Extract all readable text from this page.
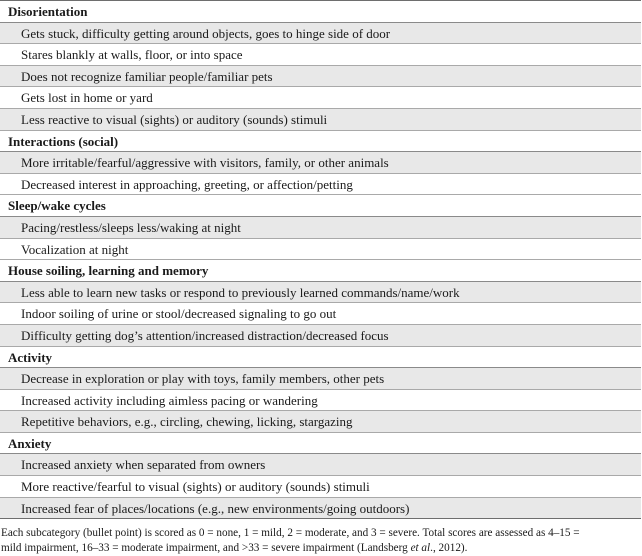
Disorientation
Gets stuck, difficulty getting around objects, goes to hinge side of door
Stares blankly at walls, floor, or into space
Does not recognize familiar people/familiar pets
Gets lost in home or yard
Less reactive to visual (sights) or auditory (sounds) stimuli
Interactions (social)
More irritable/fearful/aggressive with visitors, family, or other animals
Decreased interest in approaching, greeting, or affection/petting
Sleep/wake cycles
Pacing/restless/sleeps less/waking at night
Vocalization at night
House soiling, learning and memory
Less able to learn new tasks or respond to previously learned commands/name/work
Indoor soiling of urine or stool/decreased signaling to go out
Difficulty getting dog’s attention/increased distraction/decreased focus
Activity
Decrease in exploration or play with toys, family members, other pets
Increased activity including aimless pacing or wandering
Repetitive behaviors, e.g., circling, chewing, licking, stargazing
Anxiety
Increased anxiety when separated from owners
More reactive/fearful to visual (sights) or auditory (sounds) stimuli
Increased fear of places/locations (e.g., new environments/going outdoors)
Each subcategory (bullet point) is scored as 0 = none, 1 = mild, 2 = moderate, and 3 = severe. Total scores are assessed as 4–15 =
mild impairment, 16–33 = moderate impairment, and >33 = severe impairment (Landsberg et al., 2012).
